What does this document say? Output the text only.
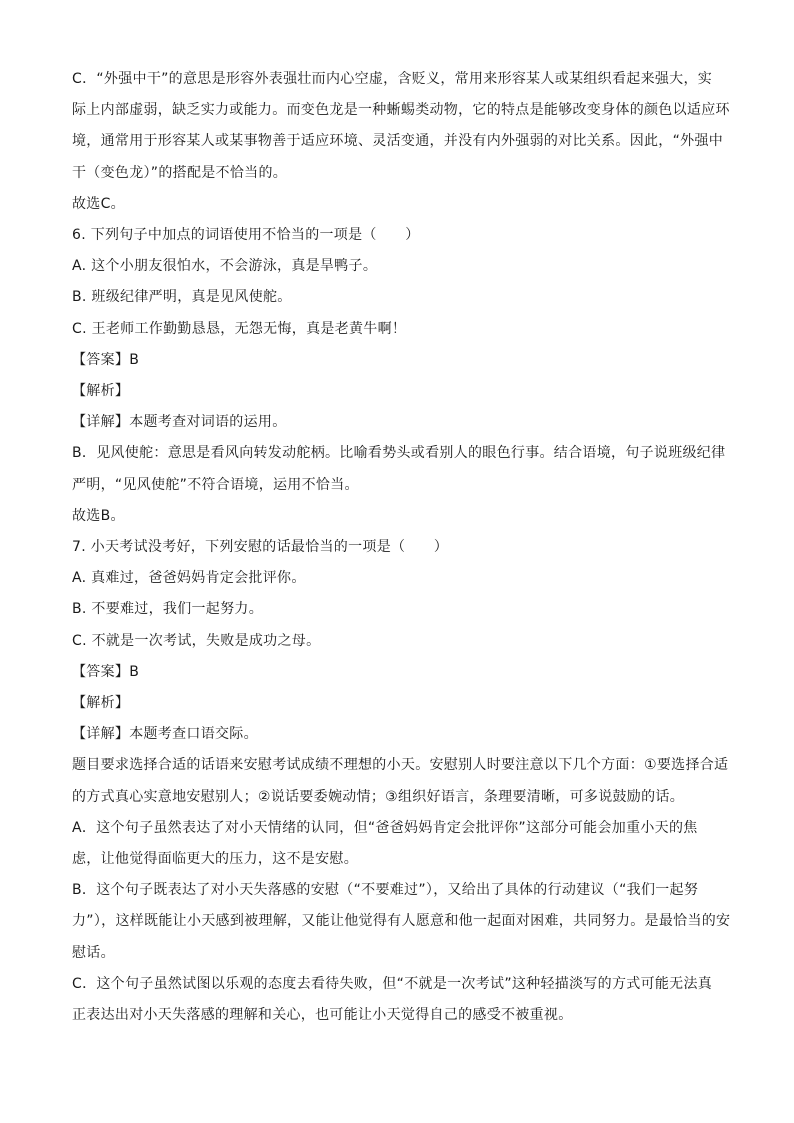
C．“外强中干”的意思是形容外表强壮而内心空虚，含贬义，常用来形容某人或某组织看起来强大，实
际上内部虚弱，缺乏实力或能力。而变色龙是一种蜥蜴类动物，它的特点是能够改变身体的颜色以适应环
境，通常用于形容某人或某事物善于适应环境、灵活变通，并没有内外强弱的对比关系。因此，“外强中
干（变色龙）”的搭配是不恰当的。
故选C。
6. 下列句子中加点的词语使用不恰当的一项是（　　）
A. 这个小朋友很怕水，不会游泳，真是旱鸭子。
B. 班级纪律严明，真是见风使舵。
C. 王老师工作勤勤恳恳，无怨无悔，真是老黄牛啊！
【答案】B
【解析】
【详解】本题考查对词语的运用。
B．见风使舵：意思是看风向转发动舵柄。比喻看势头或看别人的眼色行事。结合语境，句子说班级纪律
严明，“见风使舵”不符合语境，运用不恰当。
故选B。
7. 小天考试没考好，下列安慰的话最恰当的一项是（　　）
A. 真难过，爸爸妈妈肯定会批评你。
B. 不要难过，我们一起努力。
C. 不就是一次考试，失败是成功之母。
【答案】B
【解析】
【详解】本题考查口语交际。
题目要求选择合适的话语来安慰考试成绩不理想的小天。安慰别人时要注意以下几个方面：①要选择合适
的方式真心实意地安慰别人；②说话要委婉动情；③组织好语言，条理要清晰，可多说鼓励的话。
A．这个句子虽然表达了对小天情绪的认同，但“爸爸妈妈肯定会批评你”这部分可能会加重小天的焦
虑，让他觉得面临更大的压力，这不是安慰。
B．这个句子既表达了对小天失落感的安慰（“不要难过”），又给出了具体的行动建议（“我们一起努
力”），这样既能让小天感到被理解，又能让他觉得有人愿意和他一起面对困难，共同努力。是最恰当的安
慰话。
C．这个句子虽然试图以乐观的态度去看待失败，但“不就是一次考试”这种轻描淡写的方式可能无法真
正表达出对小天失落感的理解和关心，也可能让小天觉得自己的感受不被重视。
